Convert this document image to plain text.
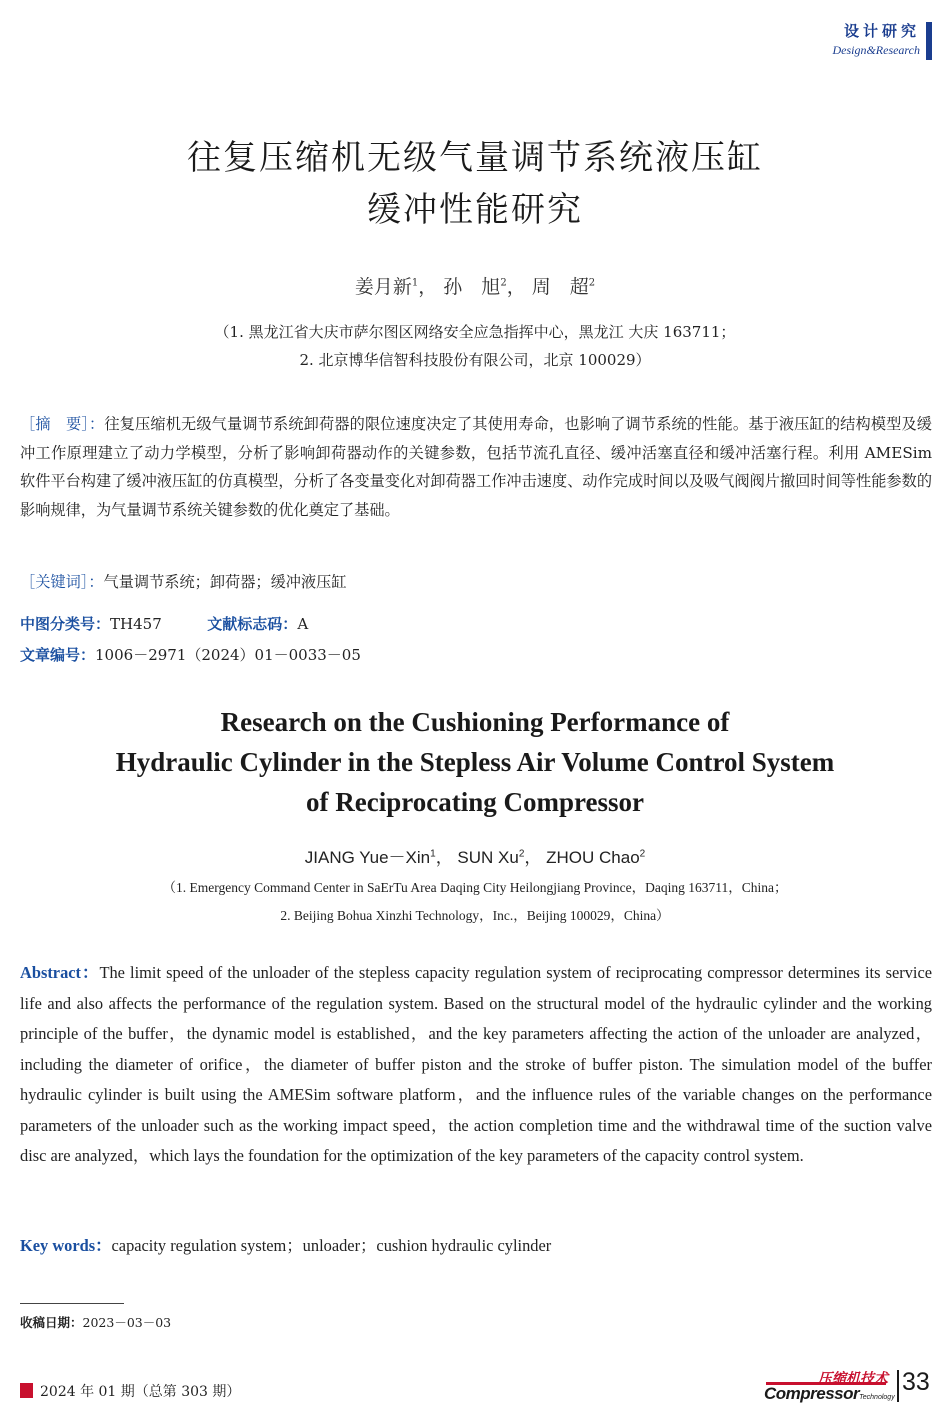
设计研究
Design&Research
往复压缩机无级气量调节系统液压缸
缓冲性能研究
姜月新$^1$， 孙　旭$^2$， 周　超$^2$
（1. 黑龙江省大庆市萨尔图区网络安全应急指挥中心，黑龙江 大庆 163711；
2. 北京博华信智科技股份有限公司，北京 100029）
［摘　要］：往复压缩机无级气量调节系统卸荷器的限位速度决定了其使用寿命，也影响了调节系统的性能。基于液压缸的结构模型及缓冲工作原理建立了动力学模型，分析了影响卸荷器动作的关键参数，包括节流孔直径、缓冲活塞直径和缓冲活塞行程。利用 AMESim 软件平台构建了缓冲液压缸的仿真模型，分析了各变量变化对卸荷器工作冲击速度、动作完成时间以及吸气阀阀片撤回时间等性能参数的影响规律，为气量调节系统关键参数的优化奠定了基础。
［关键词］：气量调节系统；卸荷器；缓冲液压缸
中图分类号：TH457	文献标志码：A
文章编号：1006－2971（2024）01－0033－05
Research on the Cushioning Performance of
Hydraulic Cylinder in the Stepless Air Volume Control System
of Reciprocating Compressor
JIANG Yue－Xin$^1$， SUN Xu$^2$， ZHOU Chao$^2$
（1. Emergency Command Center in SaErTu Area Daqing City Heilongjiang Province，Daqing 163711，China；
2. Beijing Bohua Xinzhi Technology，Inc.，Beijing 100029，China）
Abstract：The limit speed of the unloader of the stepless capacity regulation system of reciprocating compressor determines its service life and also affects the performance of the regulation system. Based on the structural model of the hydraulic cylinder and the working principle of the buffer，the dynamic model is established，and the key parameters affecting the action of the unloader are analyzed，including the diameter of orifice，the diameter of buffer piston and the stroke of buffer piston. The simulation model of the buffer hydraulic cylinder is built using the AMESim software platform，and the influence rules of the variable changes on the performance parameters of the unloader such as the working impact speed，the action completion time and the withdrawal time of the suction valve disc are analyzed，which lays the foundation for the optimization of the key parameters of the capacity control system.
Key words：capacity regulation system；unloader；cushion hydraulic cylinder
收稿日期：2023－03－03
2024 年 01 期（总第 303 期）
压缩机技术
CompressorTechnology
33
